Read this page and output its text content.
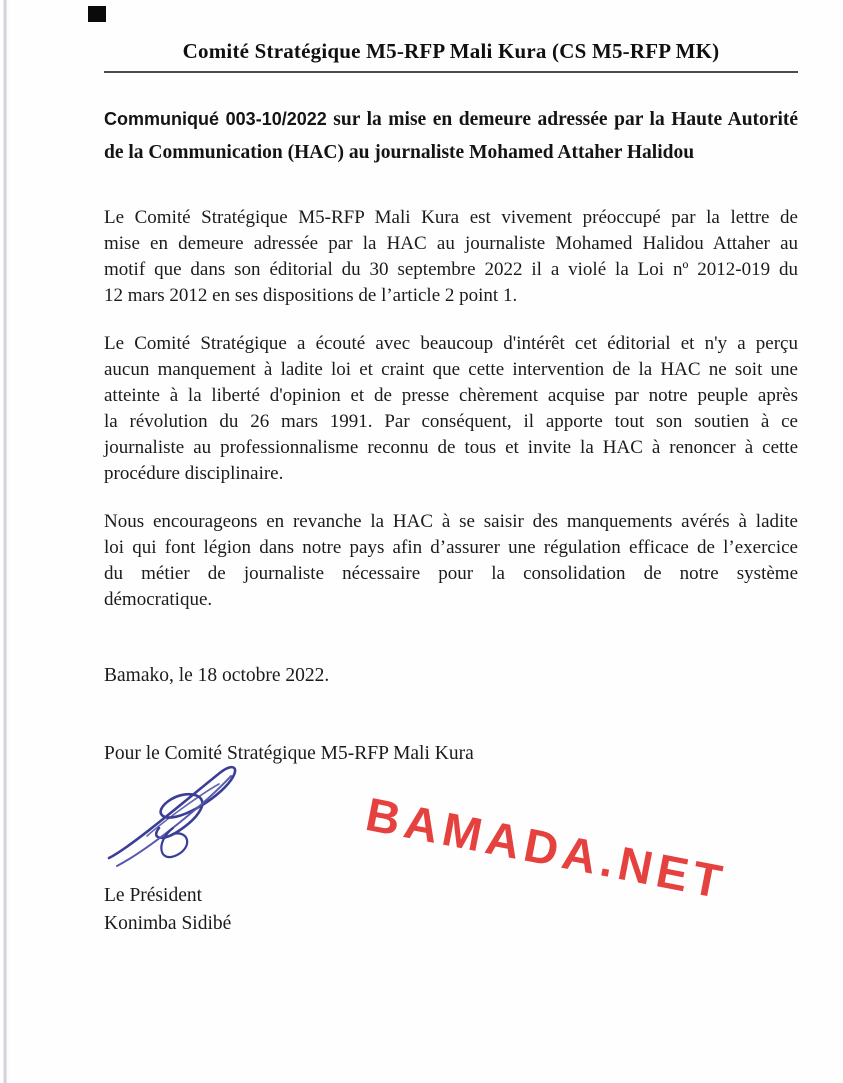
Comité Stratégique M5-RFP Mali Kura (CS M5-RFP MK)
Communiqué 003-10/2022 sur la mise en demeure adressée par la Haute Autorité
de la Communication (HAC) au journaliste Mohamed Attaher Halidou
Le Comité Stratégique M5-RFP Mali Kura est vivement préoccupé par la lettre de
mise en demeure adressée par la HAC au journaliste Mohamed Halidou Attaher au
motif que dans son éditorial du 30 septembre 2022 il a violé la Loi nº 2012-019 du
12 mars 2012 en ses dispositions de l’article 2 point 1.
Le Comité Stratégique a écouté avec beaucoup d'intérêt cet éditorial et n'y a perçu
aucun manquement à ladite loi et craint que cette intervention de la HAC ne soit une
atteinte à la liberté d'opinion et de presse chèrement acquise par notre peuple après
la révolution du 26 mars 1991. Par conséquent, il apporte tout son soutien à ce
journaliste au professionnalisme reconnu de tous et invite la HAC à renoncer à cette
procédure disciplinaire.
Nous encourageons en revanche la HAC à se saisir des manquements avérés à ladite
loi qui font légion dans notre pays afin d’assurer une régulation efficace de l’exercice
du métier de journaliste nécessaire pour la consolidation de notre système
démocratique.
Bamako, le 18 octobre 2022.
Pour le Comité Stratégique M5-RFP Mali Kura
BAMADA.NET
Le Président
Konimba Sidibé
